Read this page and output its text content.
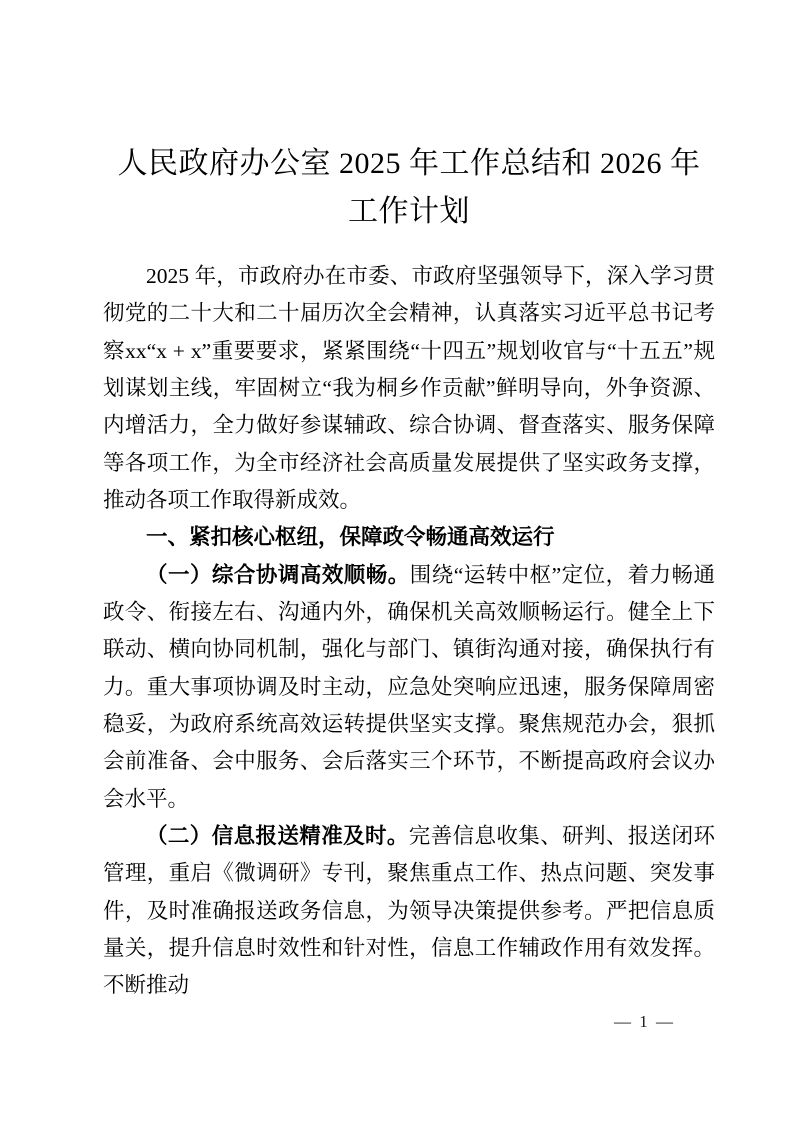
人民政府办公室 2025 年工作总结和 2026 年工作计划

2025 年，市政府办在市委、市政府坚强领导下，深入学习贯彻党的二十大和二十届历次全会精神，认真落实习近平总书记考察xx“x + x”重要要求，紧紧围绕“十四五”规划收官与“十五五”规划谋划主线，牢固树立“我为桐乡作贡献”鲜明导向，外争资源、内增活力，全力做好参谋辅政、综合协调、督查落实、服务保障等各项工作，为全市经济社会高质量发展提供了坚实政务支撑，推动各项工作取得新成效。

一、紧扣核心枢纽，保障政令畅通高效运行

（一）综合协调高效顺畅。围绕“运转中枢”定位，着力畅通政令、衔接左右、沟通内外，确保机关高效顺畅运行。健全上下联动、横向协同机制，强化与部门、镇街沟通对接，确保执行有力。重大事项协调及时主动，应急处突响应迅速，服务保障周密稳妥，为政府系统高效运转提供坚实支撑。聚焦规范办会，狠抓会前准备、会中服务、会后落实三个环节，不断提高政府会议办会水平。

（二）信息报送精准及时。完善信息收集、研判、报送闭环管理，重启《微调研》专刊，聚焦重点工作、热点问题、突发事件，及时准确报送政务信息，为领导决策提供参考。严把信息质量关，提升信息时效性和针对性，信息工作辅政作用有效发挥。不断推动

— 1 —
